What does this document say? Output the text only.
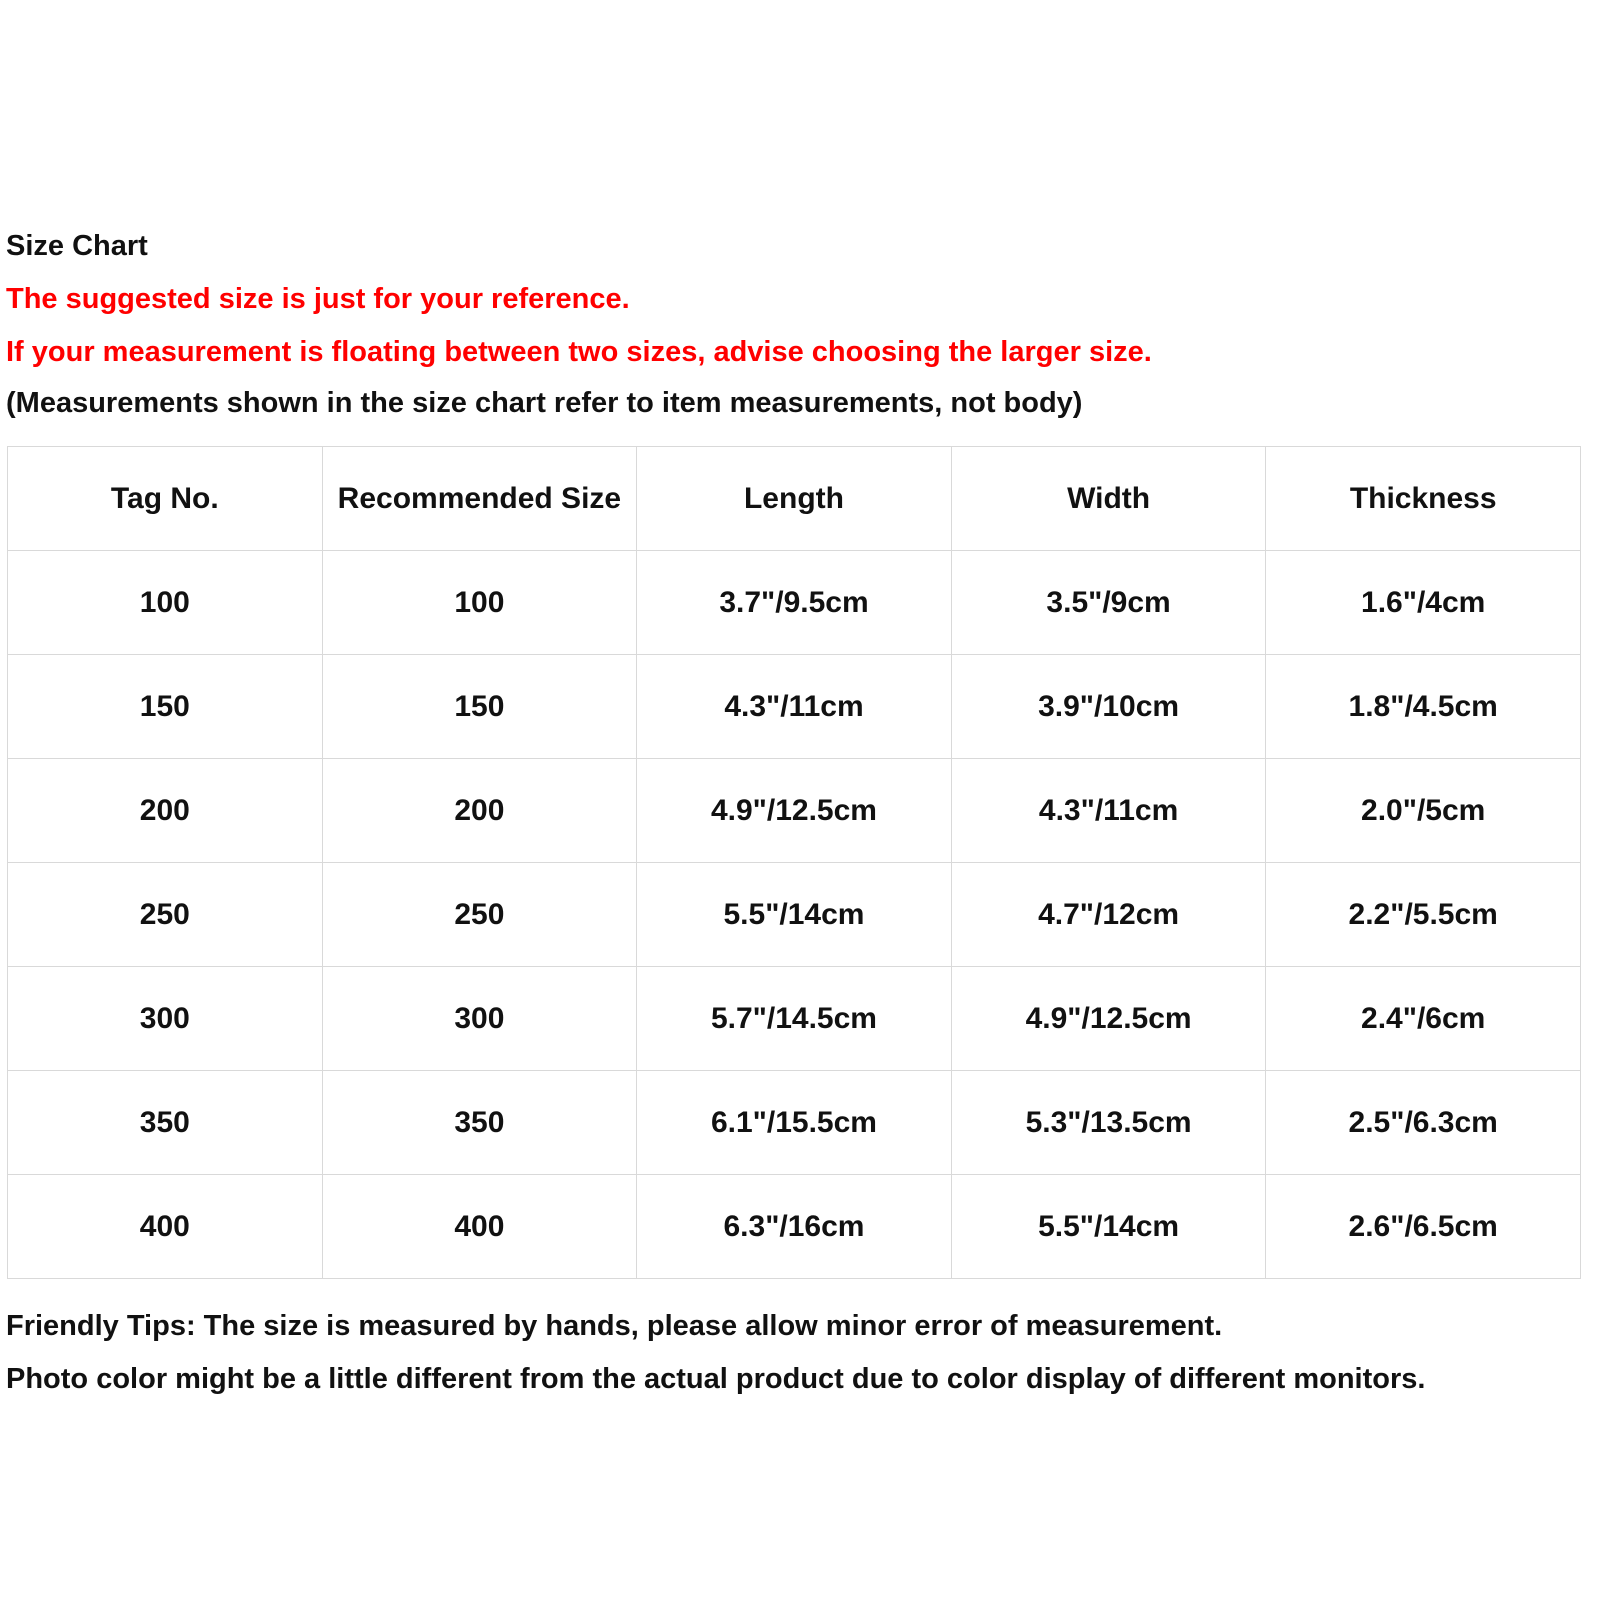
Size Chart
The suggested size is just for your reference.
If your measurement is floating between two sizes, advise choosing the larger size.
(Measurements shown in the size chart refer to item measurements, not body)
Tag No.	Recommended Size	Length	Width	Thickness
100	100	3.7"/9.5cm	3.5"/9cm	1.6"/4cm
150	150	4.3"/11cm	3.9"/10cm	1.8"/4.5cm
200	200	4.9"/12.5cm	4.3"/11cm	2.0"/5cm
250	250	5.5"/14cm	4.7"/12cm	2.2"/5.5cm
300	300	5.7"/14.5cm	4.9"/12.5cm	2.4"/6cm
350	350	6.1"/15.5cm	5.3"/13.5cm	2.5"/6.3cm
400	400	6.3"/16cm	5.5"/14cm	2.6"/6.5cm
Friendly Tips: The size is measured by hands, please allow minor error of measurement.
Photo color might be a little different from the actual product due to color display of different monitors.
